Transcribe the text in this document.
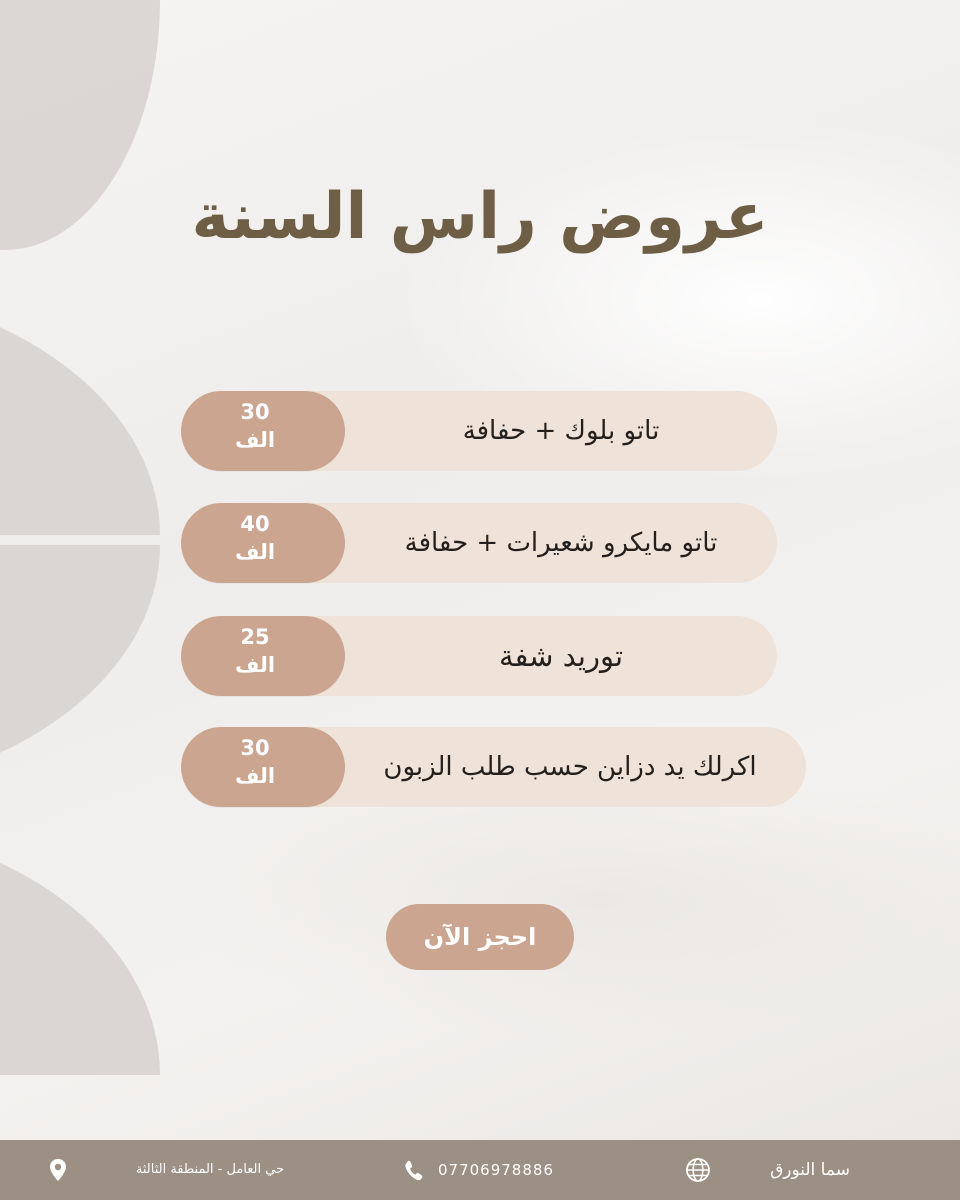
عروض راس السنة
تاتو بلوك + حفافة
30
الف
تاتو مايكرو شعيرات + حفافة
40
الف
توريد شفة
25
الف
اكرلك يد دزاين حسب طلب الزبون
30
الف
احجز الآن
حي العامل - المنطقة الثالثة	07706978886	سما النورق
